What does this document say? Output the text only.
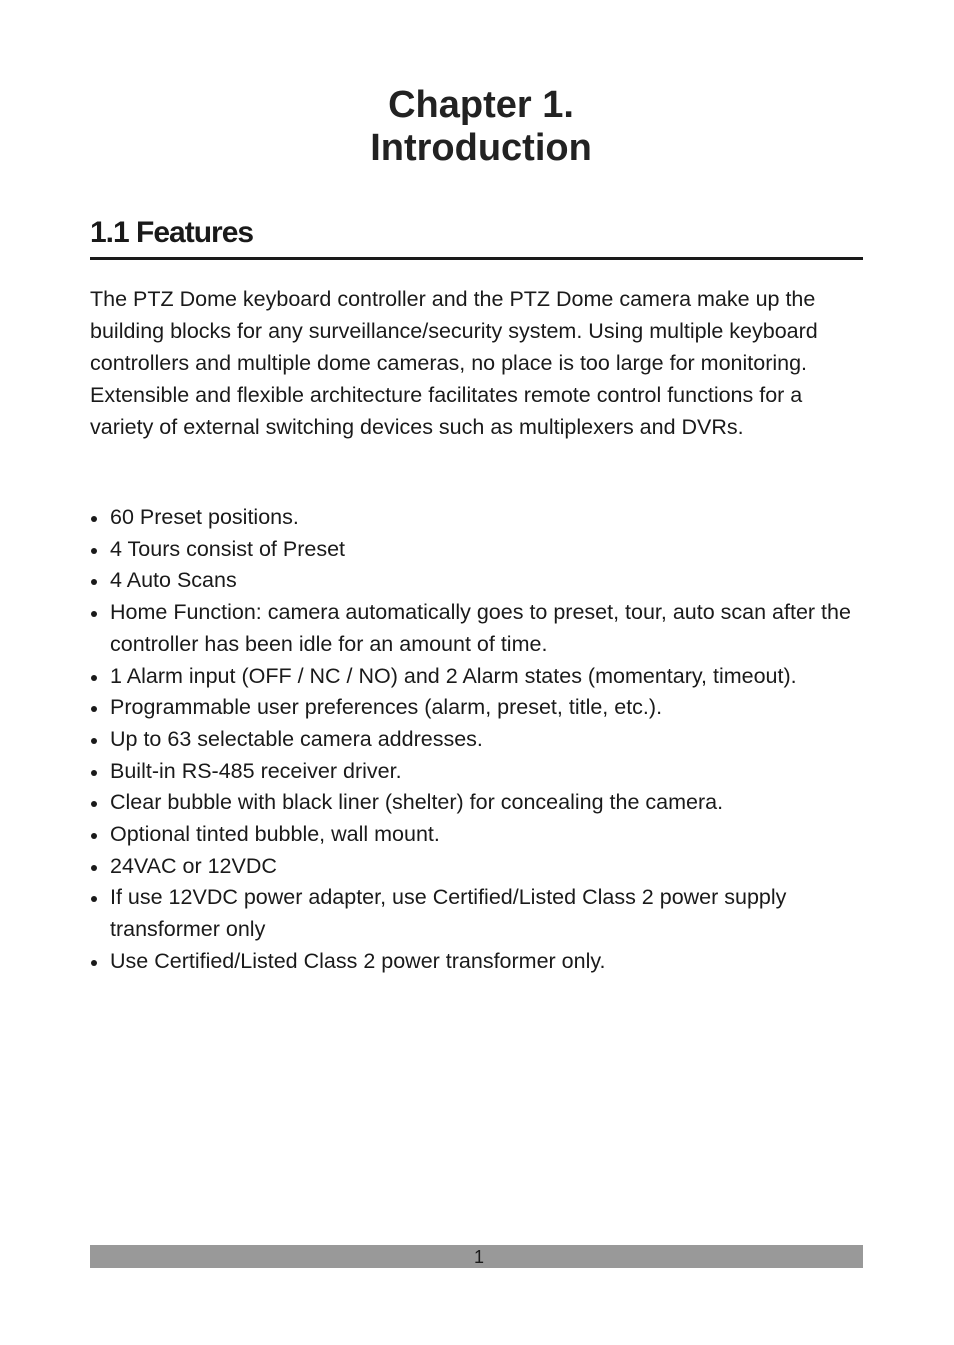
Chapter 1.
Introduction
1.1 Features

The PTZ Dome keyboard controller and the PTZ Dome camera make up the building blocks for any surveillance/security system. Using multiple keyboard controllers and multiple dome cameras, no place is too large for monitoring. Extensible and flexible architecture facilitates remote control functions for a variety of external switching devices such as multiplexers and DVRs.

60 Preset positions.
4 Tours consist of Preset
4 Auto Scans
Home Function: camera automatically goes to preset, tour, auto scan after the controller has been idle for an amount of time.
1 Alarm input (OFF / NC / NO) and 2 Alarm states (momentary, timeout).
Programmable user preferences (alarm, preset, title, etc.).
Up to 63 selectable camera addresses.
Built-in RS-485 receiver driver.
Clear bubble with black liner (shelter) for concealing the camera.
Optional tinted bubble, wall mount.
24VAC or 12VDC
If use 12VDC power adapter, use Certified/Listed Class 2 power supply transformer only
Use Certified/Listed Class 2 power transformer only.
1
